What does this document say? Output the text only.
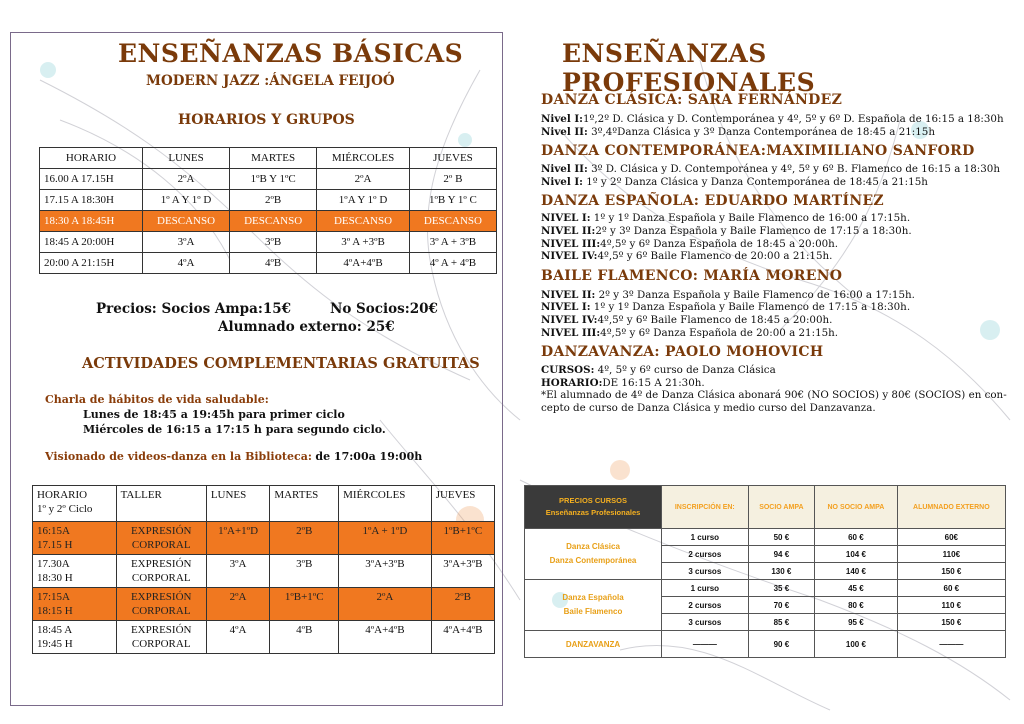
ENSEÑANZAS BÁSICAS
MODERN JAZZ :ÁNGELA FEIJOÓ
HORARIOS Y GRUPOS
HORARIO	LUNES	MARTES	MIÉRCOLES	JUEVES
16.00 A 17.15H	2ºA	1ºB Y 1ºC	2ºA	2º B
17.15 A 18:30H	1º A Y 1º D	2ºB	1ºA Y 1º D	1ºB Y 1º C
18:30 A 18:45H	DESCANSO	DESCANSO	DESCANSO	DESCANSO
18:45 A 20:00H	3ºA	3ºB	3º A +3ºB	3º A + 3ºB
20:00 A 21:15H	4ºA	4ºB	4ºA+4ºB	4º A + 4ºB
Precios: Socios Ampa:15€	No Socios:20€
Alumnado externo: 25€
ACTIVIDADES COMPLEMENTARIAS GRATUITAS
Charla de hábitos de vida saludable:
Lunes de 18:45 a 19:45h para primer ciclo
Miércoles de 16:15 a 17:15 h para segundo ciclo.
Visionado de videos-danza en la Biblioteca: de 17:00a 19:00h
HORARIO
1º y 2º Ciclo	TALLER	LUNES	MARTES	MIÉRCOLES	JUEVES
16:15A
17.15 H	EXPRESIÓN
CORPORAL	1ºA+1ºD	2ºB	1ºA + 1ºD	1ºB+1ºC
17.30A
18:30 H	EXPRESIÓN
CORPORAL	3ºA	3ºB	3ºA+3ºB	3ºA+3ºB
17:15A
18:15 H	EXPRESIÓN
CORPORAL	2ºA	1ºB+1ºC	2ºA	2ºB
18:45 A
19:45 H	EXPRESIÓN
CORPORAL	4ºA	4ºB	4ºA+4ºB	4ºA+4ºB
ENSEÑANZAS PROFESIONALES
DANZA CLÁSICA: SARA FERNÁNDEZ

Nivel I:1º,2º D. Clásica y D. Contemporánea y 4º, 5º y 6º D. Española de 16:15 a 18:30h

Nivel II: 3º,4ºDanza Clásica y 3º Danza Contemporánea de 18:45 a 21:15h

DANZA CONTEMPORÁNEA:MAXIMILIANO SANFORD

Nivel II: 3º D. Clásica y D. Contemporánea y 4º, 5º y 6º B. Flamenco de 16:15 a 18:30h

Nivel I: 1º y 2º Danza Clásica y Danza Contemporánea de 18:45 a 21:15h

DANZA ESPAÑOLA: EDUARDO MARTÍNEZ

NIVEL I: 1º y 1º Danza Española y Baile Flamenco de 16:00 a 17:15h.

NIVEL II:2º y 3º Danza Española y Baile Flamenco de 17:15 a 18:30h.

NIVEL III:4º,5º y 6º Danza Española de 18:45 a 20:00h.

NIVEL IV:4º,5º y 6º Baile Flamenco de 20:00 a 21:15h.

BAILE FLAMENCO: MARÍA MORENO

NIVEL II: 2º y 3º Danza Española y Baile Flamenco de 16:00 a 17:15h.

NIVEL I: 1º y 1º Danza Española y Baile Flamenco de 17:15 a 18:30h.

NIVEL IV:4º,5º y 6º Baile Flamenco de 18:45 a 20:00h.

NIVEL III:4º,5º y 6º Danza Española de 20:00 a 21:15h.

DANZAVANZA: PAOLO MOHOVICH

CURSOS: 4º, 5º y 6º curso de Danza Clásica

HORARIO:DE 16:15 A 21:30h.

*El alumnado de 4º de Danza Clásica abonará 90€ (NO SOCIOS) y 80€ (SOCIOS) en con-

cepto de curso de Danza Clásica y medio curso del Danzavanza.

PRECIOS CURSOS
Enseñanzas Profesionales	INSCRIPCIÓN EN:	SOCIO AMPA	NO SOCIO AMPA	ALUMNADO EXTERNO

Danza Clásica
Danza Contemporánea	1 curso	50 €	60 €	60€
	2 cursos	94 €	104 €	110€
	3 cursos	130 €	140 €	150 €

Danza Española
Baile Flamenco	1 curso	35 €	45 €	60 €
	2 cursos	70 €	80 €	110 €
	3 cursos	85 €	95 €	150 €
DANZAVANZA	———	90 €	100 €	———
